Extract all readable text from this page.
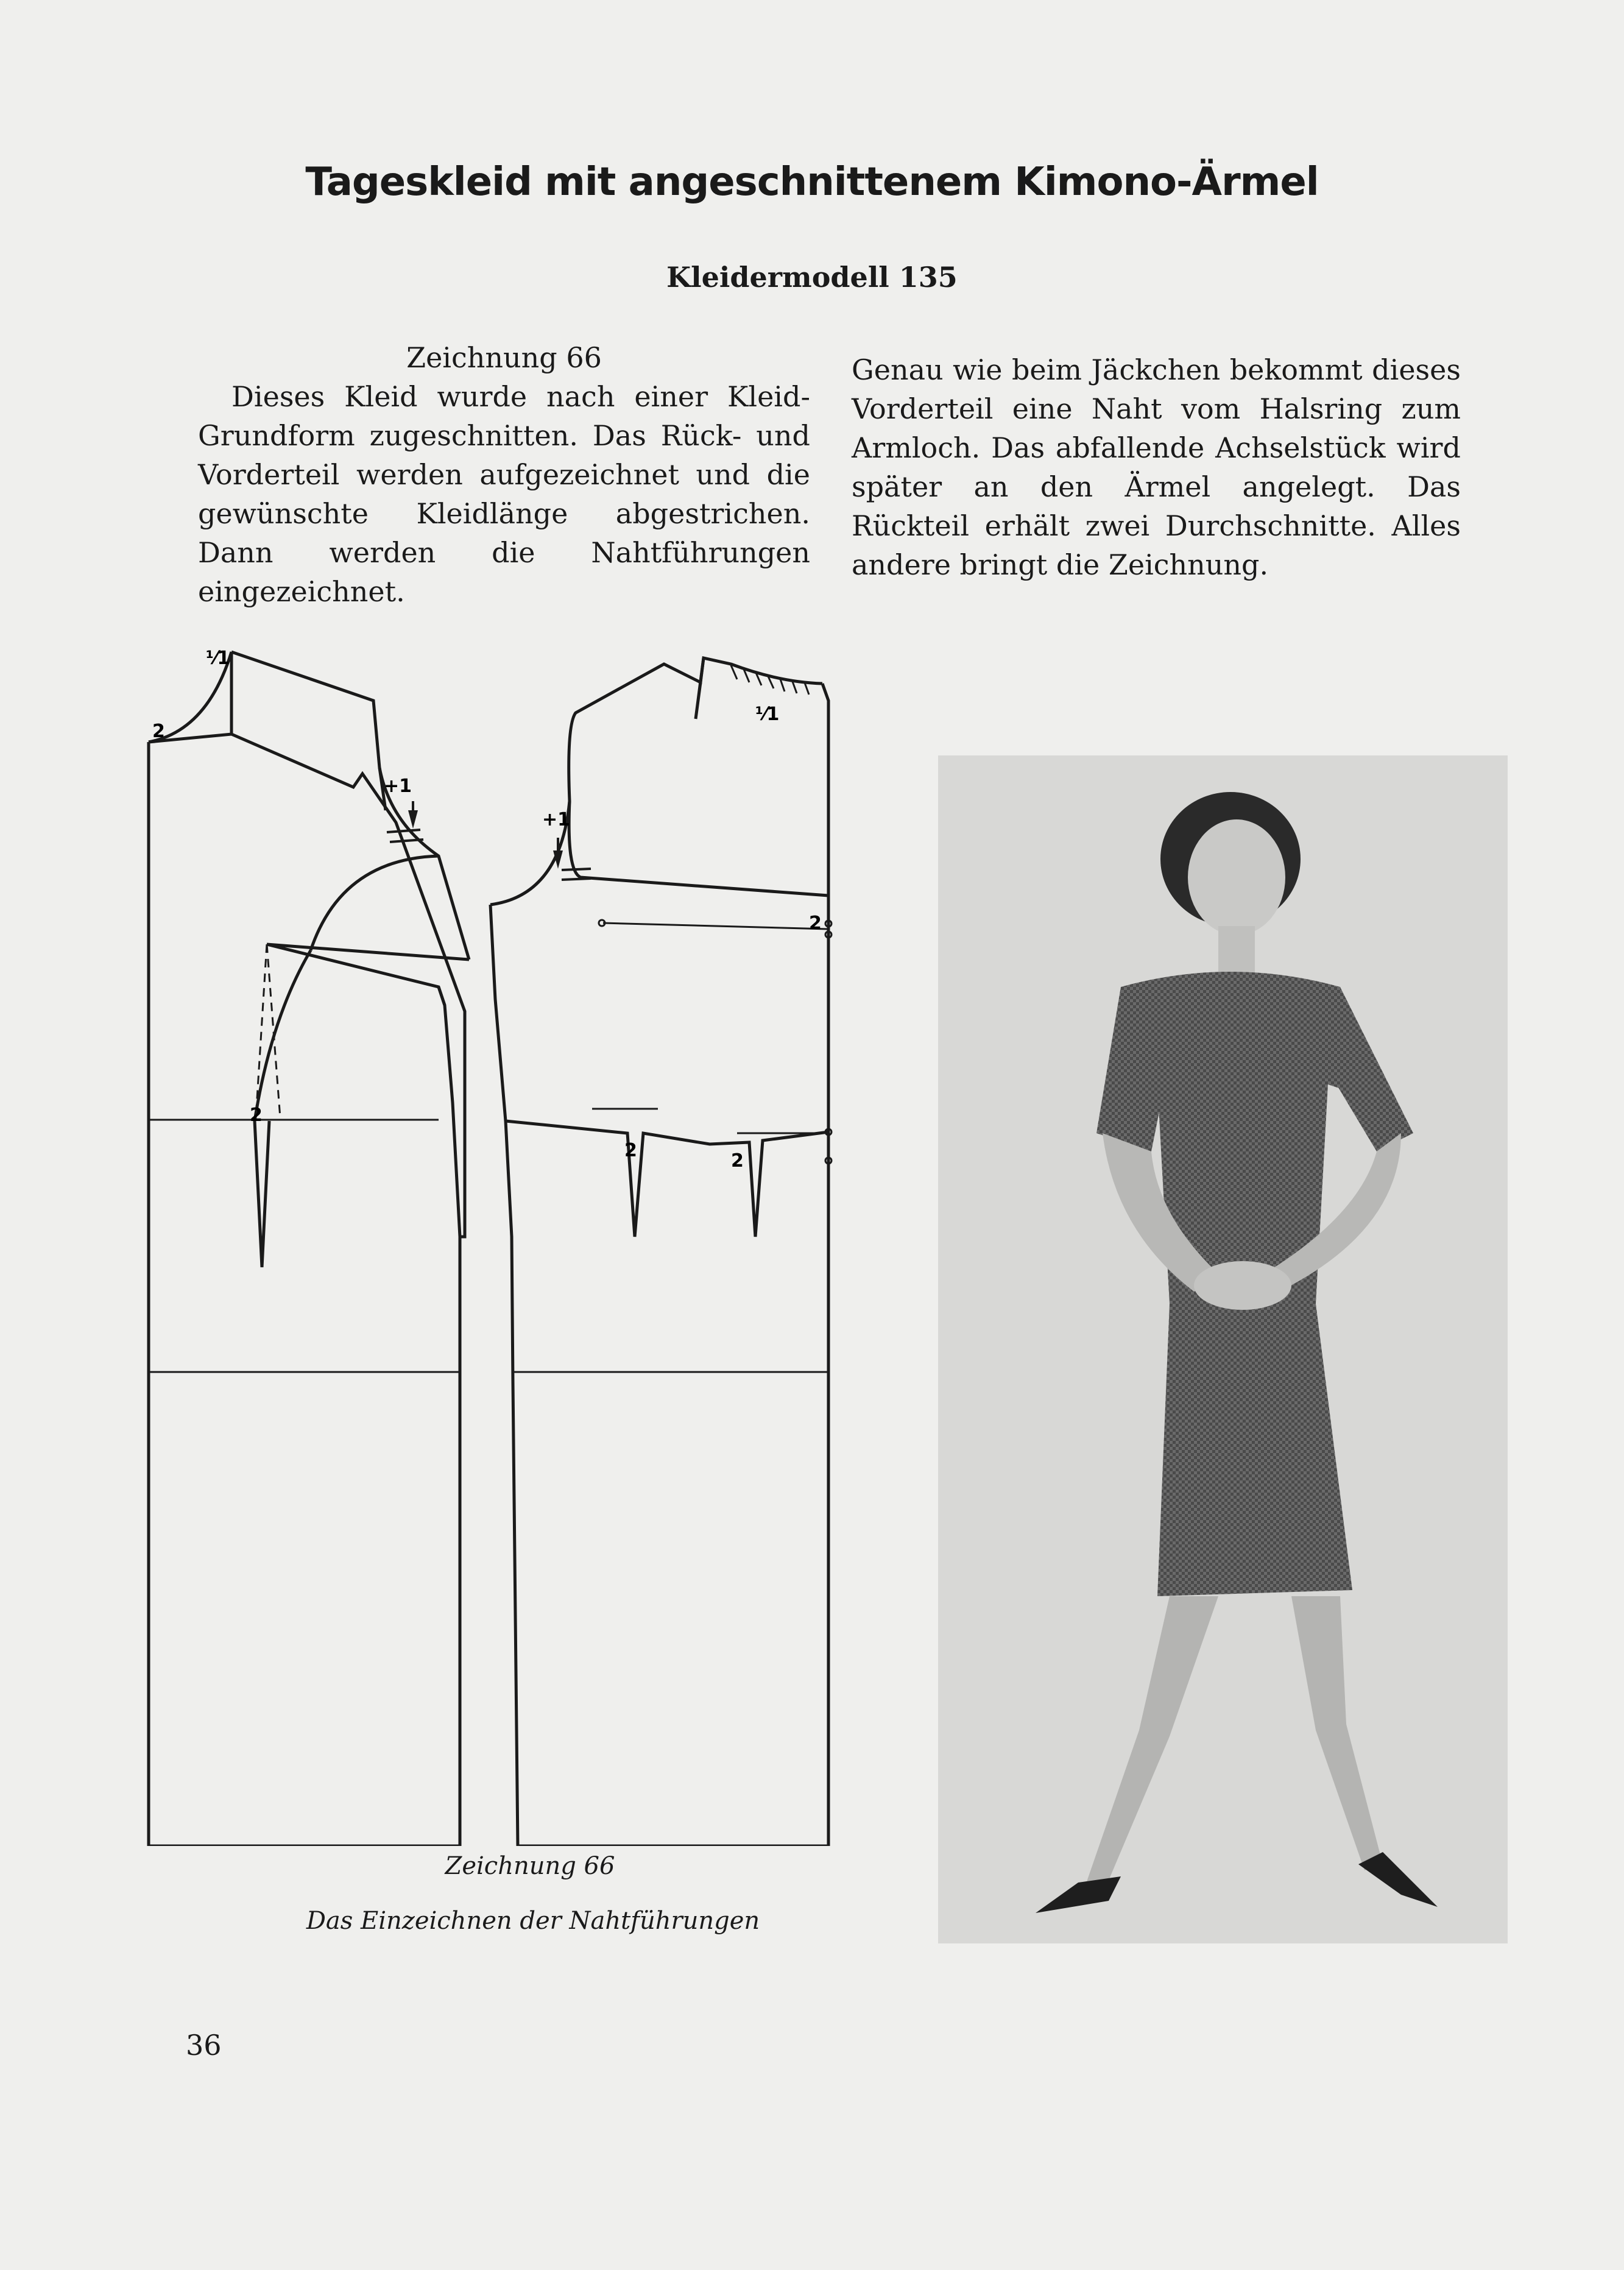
Tageskleid mit angeschnittenem Kimono-Ärmel
Kleidermodell 135
Zeichnung 66

Dieses Kleid wurde nach einer Kleid-Grundform zugeschnitten. Das Rück- und Vorderteil werden aufgezeichnet und die gewünschte Kleidlänge abgestrichen. Dann werden die Nahtführungen eingezeichnet.

Genau wie beim Jäckchen bekommt dieses Vorderteil eine Naht vom Halsring zum Armloch. Das abfallende Achselstück wird später an den Ärmel angelegt. Das Rückteil erhält zwei Durchschnitte. Alles andere bringt die Zeichnung.

2
⅟1
+1
2
⅟1
+1
2
2	2
Zeichnung 66
Das Einzeichnen der Nahtführungen
36
